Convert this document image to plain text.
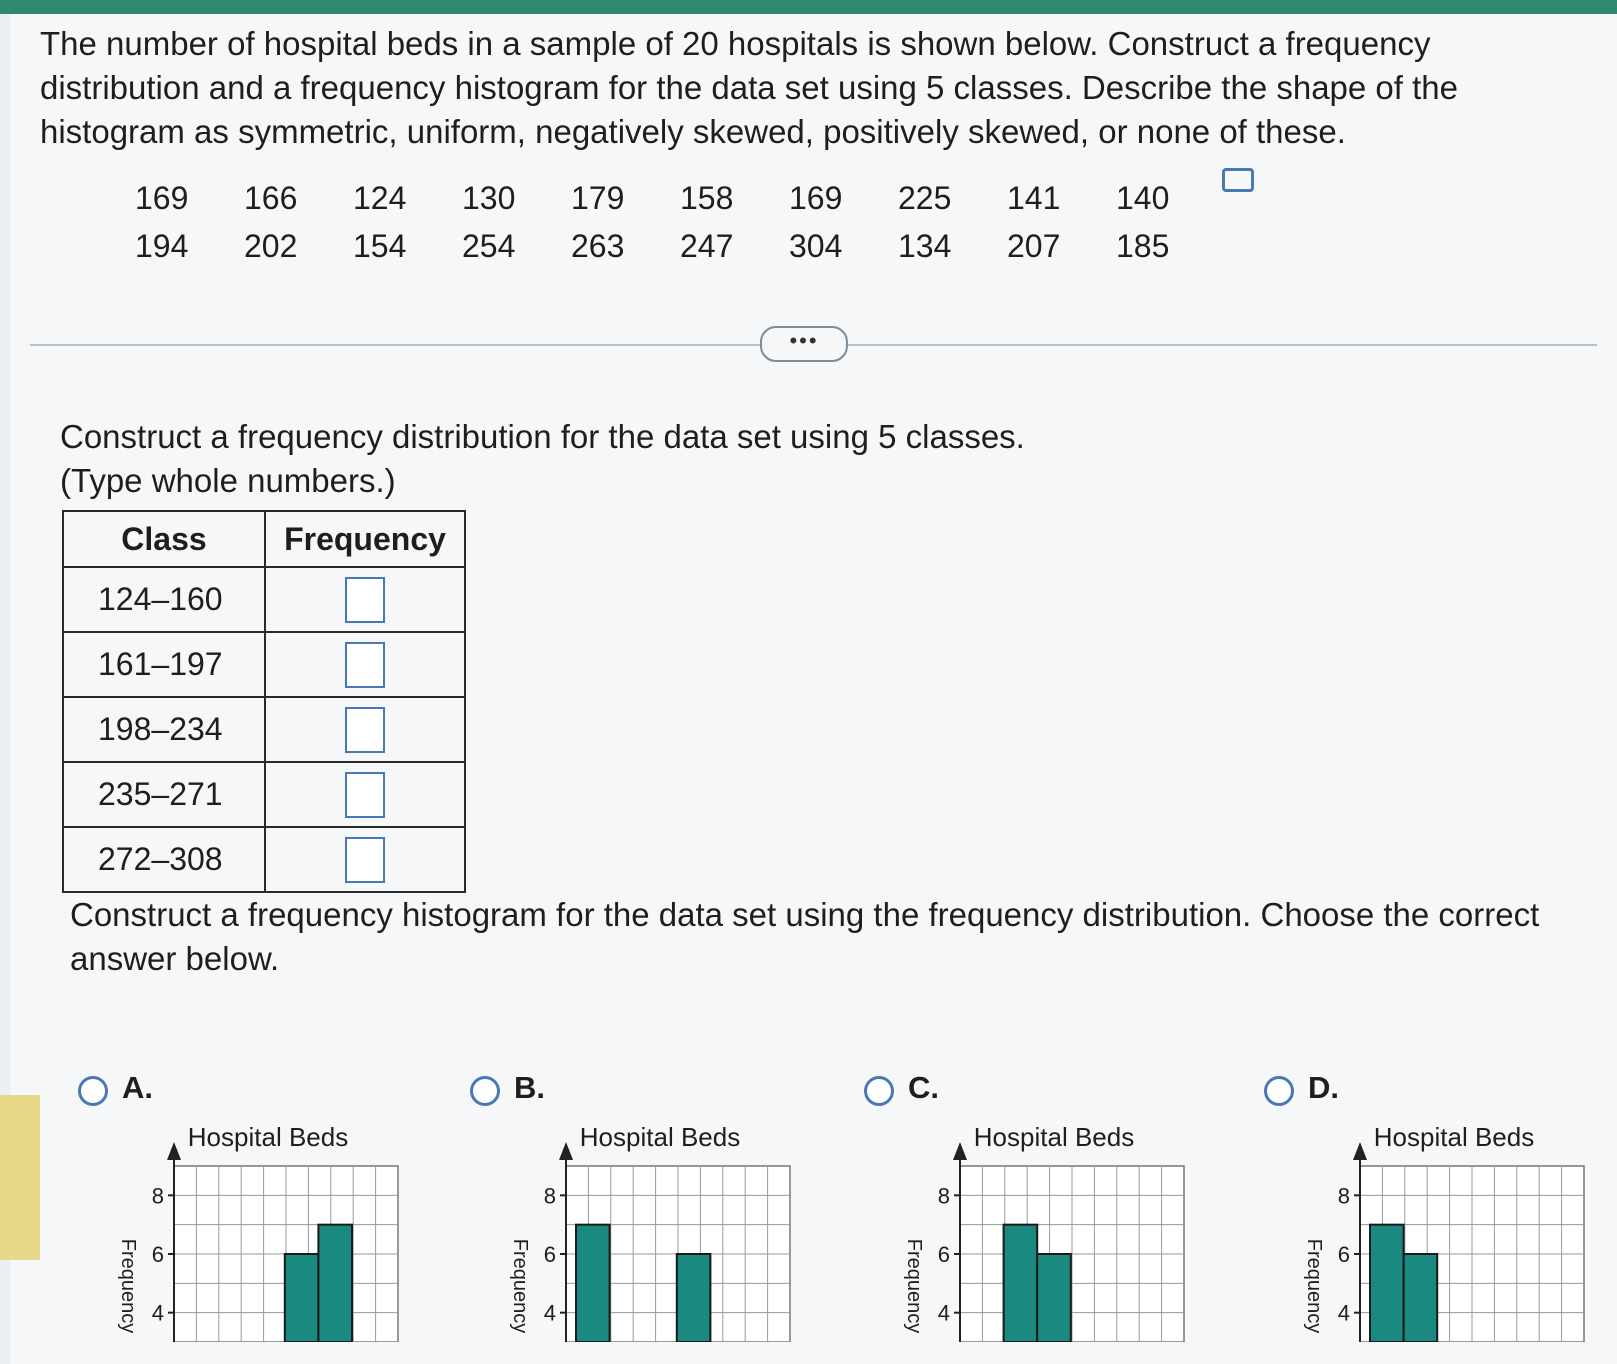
The number of hospital beds in a sample of 20 hospitals is shown below. Construct a frequency
distribution and a frequency histogram for the data set using 5 classes. Describe the shape of the
histogram as symmetric, uniform, negatively skewed, positively skewed, or none of these.

169 166 124 130 179 158 169 225 141 140
194 202 154 254 263 247 304 134 207 185
•••

Construct a frequency distribution for the data set using 5 classes.
(Type whole numbers.)

Class	Frequency
124–160	
161–197	
198–234	
235–271	
272–308	

Construct a frequency histogram for the data set using the frequency distribution. Choose the correct
answer below.

A.
Hospital Beds
Frequency 4
6
8
B.
Hospital Beds
Frequency 4
6
8
C.
Hospital Beds
Frequency 4
6
8
D.
Hospital Beds
Frequency 4
6
8
